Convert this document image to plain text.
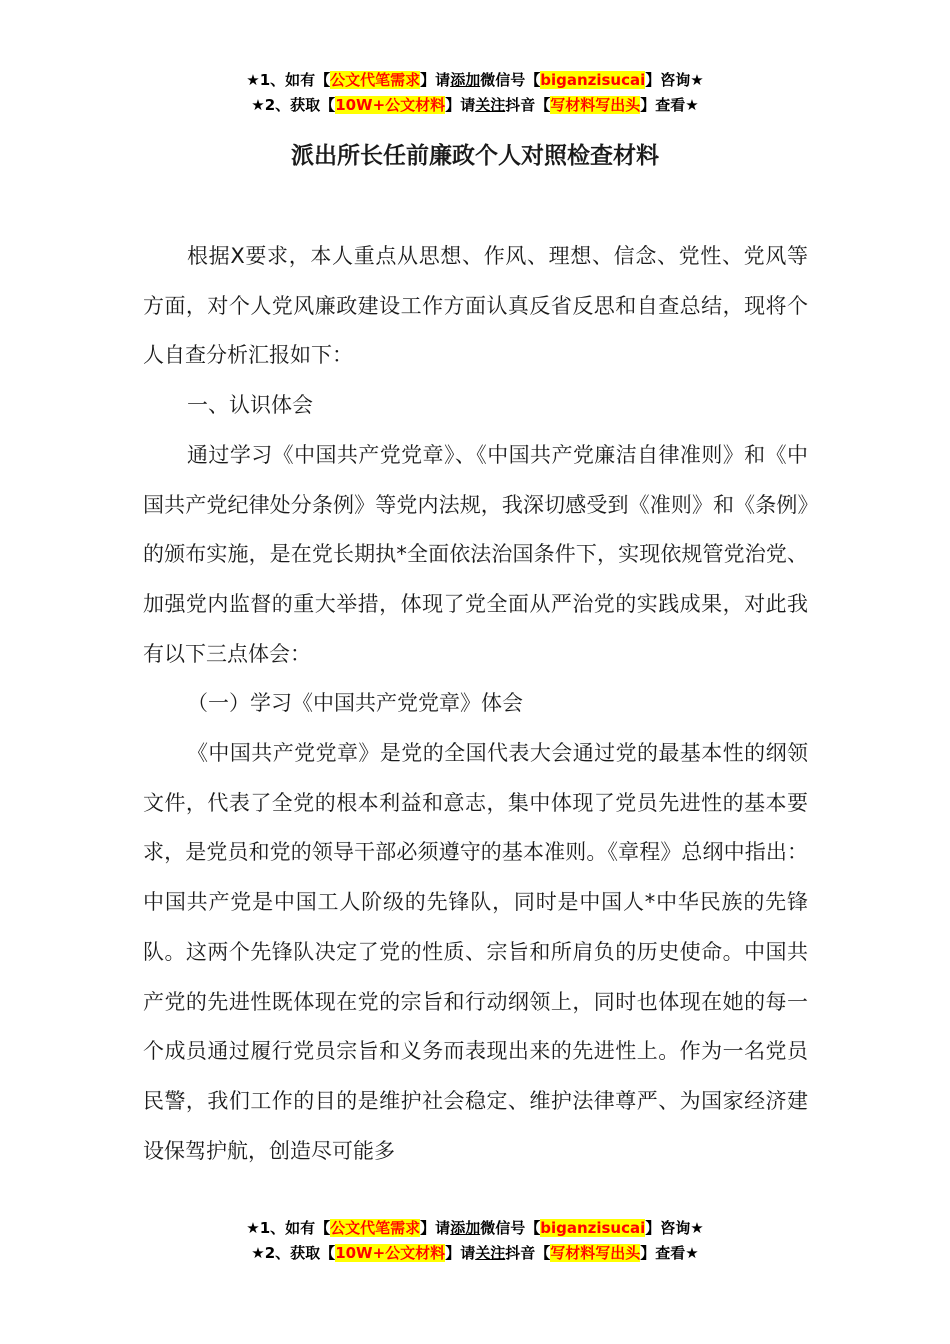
★1、如有【公文代笔需求】请添加微信号【biganzisucai】咨询★
★2、获取【10W+公文材料】请关注抖音【写材料写出头】查看★
派出所长任前廉政个人对照检查材料

根据X要求，本人重点从思想、作风、理想、信念、党性、党风等方面，对个人党风廉政建设工作方面认真反省反思和自查总结，现将个人自查分析汇报如下：

一、认识体会

通过学习《中国共产党党章》、《中国共产党廉洁自律准则》和《中国共产党纪律处分条例》等党内法规，我深切感受到《准则》和《条例》的颁布实施，是在党长期执*全面依法治国条件下，实现依规管党治党、加强党内监督的重大举措，体现了党全面从严治党的实践成果，对此我有以下三点体会：

（一）学习《中国共产党党章》体会

《中国共产党党章》是党的全国代表大会通过党的最基本性的纲领文件，代表了全党的根本利益和意志，集中体现了党员先进性的基本要求，是党员和党的领导干部必须遵守的基本准则。《章程》总纲中指出：中国共产党是中国工人阶级的先锋队，同时是中国人*中华民族的先锋队。这两个先锋队决定了党的性质、宗旨和所肩负的历史使命。中国共产党的先进性既体现在党的宗旨和行动纲领上，同时也体现在她的每一个成员通过履行党员宗旨和义务而表现出来的先进性上。作为一名党员民警，我们工作的目的是维护社会稳定、维护法律尊严、为国家经济建设保驾护航，创造尽可能多

★1、如有【公文代笔需求】请添加微信号【biganzisucai】咨询★
★2、获取【10W+公文材料】请关注抖音【写材料写出头】查看★
